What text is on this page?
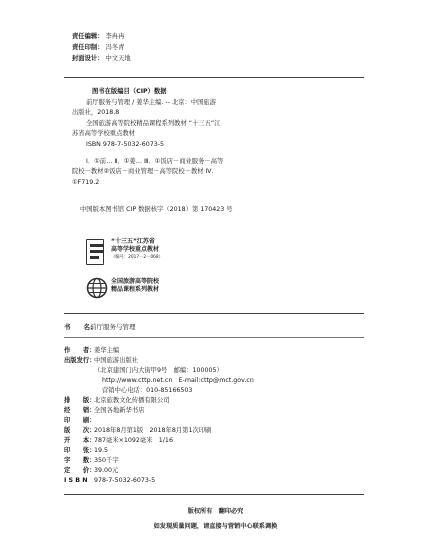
责任编辑： 李冉冉
责任印制： 冯冬青
封面设计： 中文天地
图书在版编目（CIP）数据
前厅服务与管理 / 姜华主编. -- 北京：中国旅游
出版社，2018.8
全国旅游高等院校精品课程系列教材 “十三五”江
苏省高等学校重点教材
ISBN 978-7-5032-6073-5
Ⅰ．①前… Ⅱ．①姜… Ⅲ．①饭店－商业服务－高等
院校－教材②饭店－商业管理－高等院校－教材 Ⅳ．
①F719.2
中国版本图书馆 CIP 数据核字（2018）第 170423 号
“十三五”江苏省
高等学校重点教材
（编号：2017－2－068）
全国旅游高等院校
精品课程系列教材
书　　名：
前厅服务与管理
作　　者：
姜华主编
出版发行：
中国旅游出版社
（北京建国门内大街甲9号　邮编：100005）
http://www.cttp.net.cn　E-mail:cttp@mct.gov.cn
营销中心电话：010-85166503
排　　版：
北京旅教文化传播有限公司
经　　销：
全国各地新华书店
印　　刷：
版　　次：
2018年8月第1版　2018年8月第1次印刷
开　　本：
787毫米×1092毫米　1/16
印　　张：
19.5
字　　数：
350千字
定　　价：
39.00元
I S B N	978-7-5032-6073-5
版权所有　翻印必究
如发现质量问题，请直接与营销中心联系调换
